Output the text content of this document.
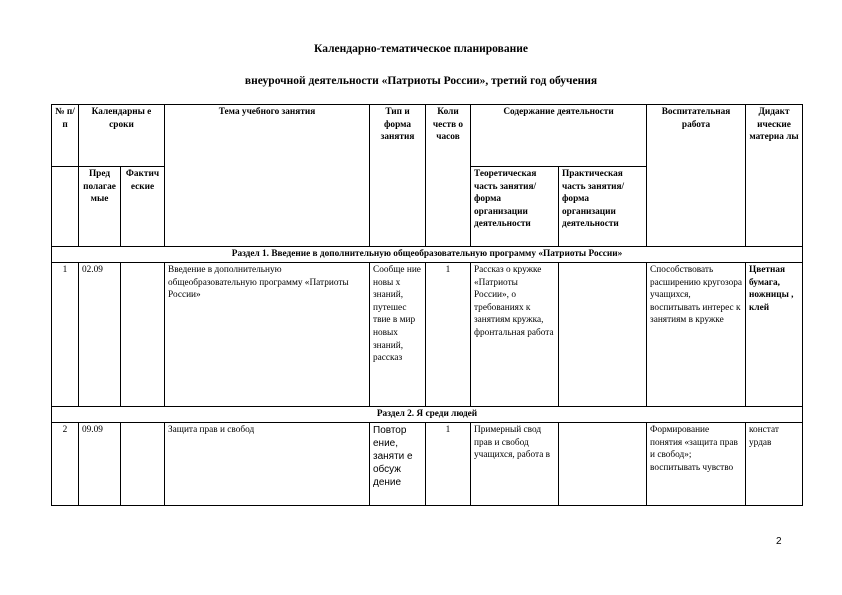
Календарно-тематическое планирование
внеурочной деятельности «Патриоты России», третий год обучения
№ п/ п	Календарны е сроки		Тема учебного занятия	Тип и форма занятия	Коли честв о часов	Содержание деятельности		Воспитательная работа	Дидакт ические материа лы
	Пред полагае мые	Фактич еские				Теоретическая часть занятия/ форма организации деятельности	Практическая часть занятия/ форма организации деятельности		
Раздел 1. Введение в дополнительную общеобразовательную программу «Патриоты России»									
1	02.09		Введение в дополнительную общеобразовательную программу «Патриоты России»	Сообще ние новы х знаний, путешес твие в мир новых знаний, рассказ	1	Рассказ о кружке «Патриоты России», о требованиях к занятиям кружка, фронтальная работа		Способствовать расширению кругозора учащихся, воспитывать интерес к занятиям в кружке	Цветная бумага, ножницы , клей
Раздел 2. Я среди людей									
2	09.09		Защита прав и свобод	Повтор ение, заняти е обсуж дение	1	Примерный свод прав и свобод учащихся, работа в		Формирование понятия «защита прав и свобод»; воспитывать чувство	констат урдав
2
